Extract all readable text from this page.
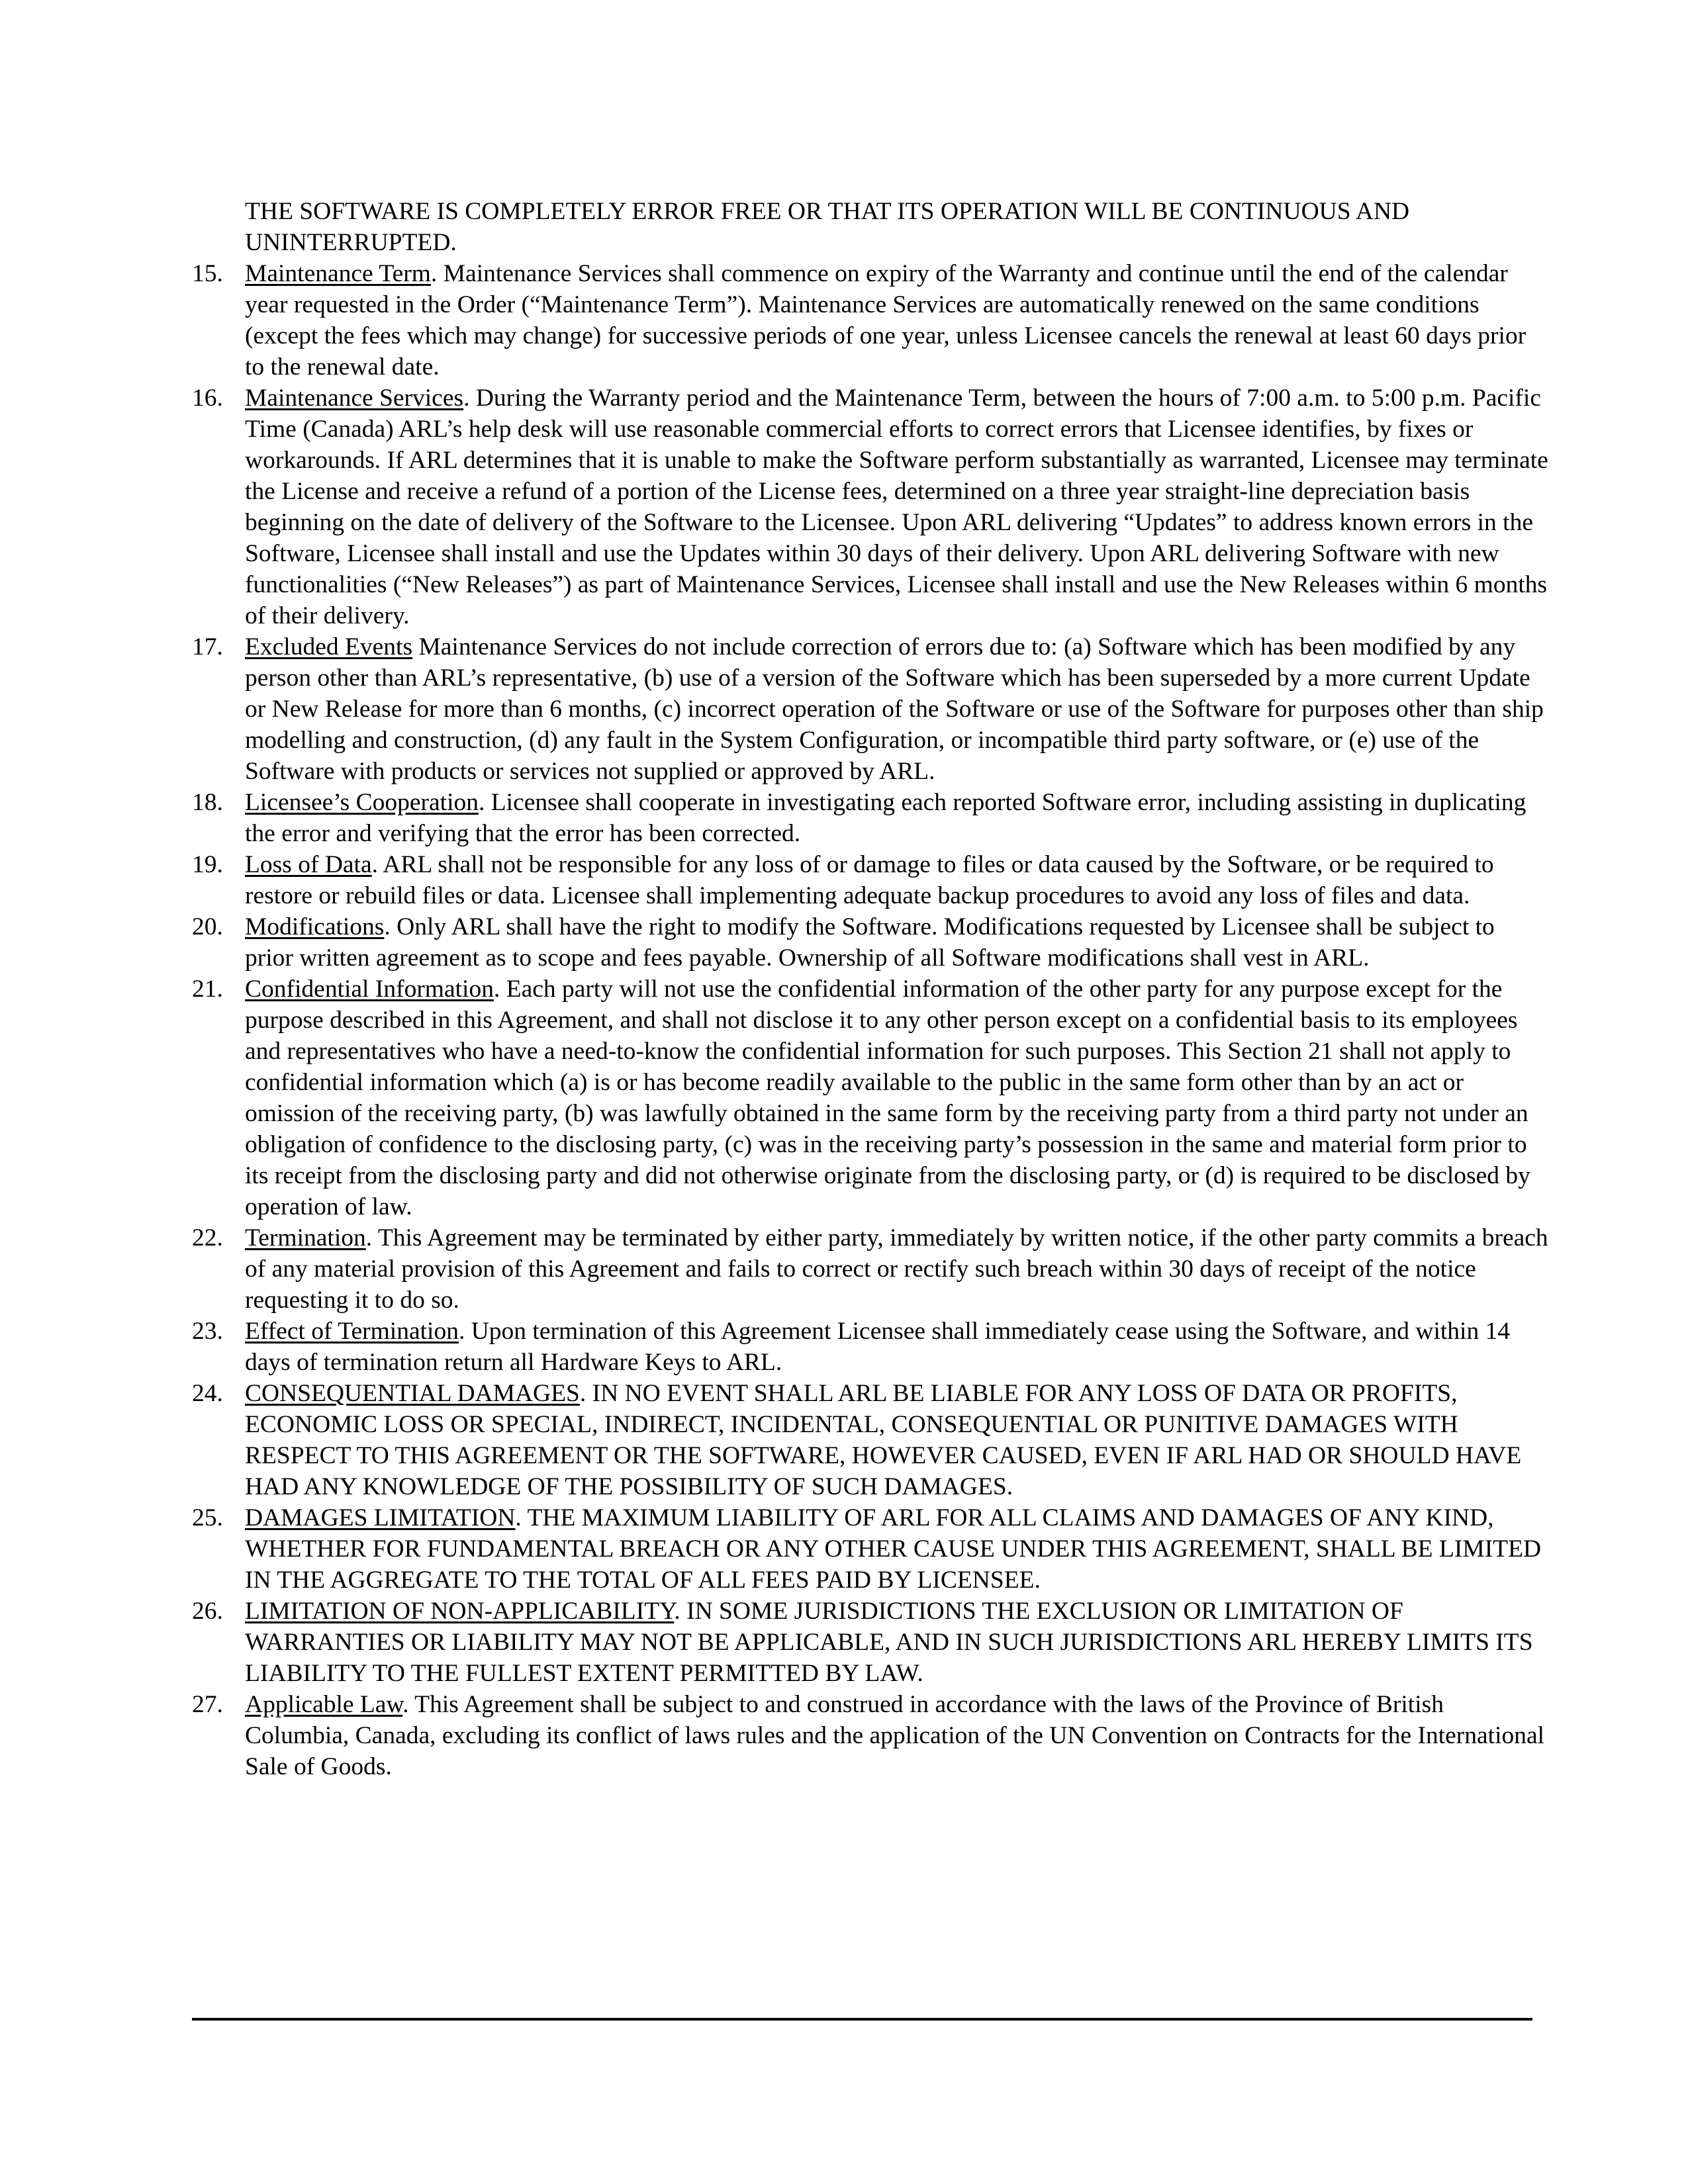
THE SOFTWARE IS COMPLETELY ERROR FREE OR THAT ITS OPERATION WILL BE CONTINUOUS AND UNINTERRUPTED.

15. Maintenance Term. Maintenance Services shall commence on expiry of the Warranty and continue until the end of the calendar year requested in the Order (“Maintenance Term”). Maintenance Services are automatically renewed on the same conditions (except the fees which may change) for successive periods of one year, unless Licensee cancels the renewal at least 60 days prior to the renewal date.
16. Maintenance Services. During the Warranty period and the Maintenance Term, between the hours of 7:00 a.m. to 5:00 p.m. Pacific Time (Canada) ARL’s help desk will use reasonable commercial efforts to correct errors that Licensee identifies, by fixes or workarounds. If ARL determines that it is unable to make the Software perform substantially as warranted, Licensee may terminate the License and receive a refund of a portion of the License fees, determined on a three year straight-line depreciation basis beginning on the date of delivery of the Software to the Licensee. Upon ARL delivering “Updates” to address known errors in the Software, Licensee shall install and use the Updates within 30 days of their delivery. Upon ARL delivering Software with new functionalities (“New Releases”) as part of Maintenance Services, Licensee shall install and use the New Releases within 6 months of their delivery.
17. Excluded Events Maintenance Services do not include correction of errors due to: (a) Software which has been modified by any person other than ARL’s representative, (b) use of a version of the Software which has been superseded by a more current Update or New Release for more than 6 months, (c) incorrect operation of the Software or use of the Software for purposes other than ship modelling and construction, (d) any fault in the System Configuration, or incompatible third party software, or (e) use of the Software with products or services not supplied or approved by ARL.
18. Licensee’s Cooperation. Licensee shall cooperate in investigating each reported Software error, including assisting in duplicating the error and verifying that the error has been corrected.
19. Loss of Data. ARL shall not be responsible for any loss of or damage to files or data caused by the Software, or be required to restore or rebuild files or data. Licensee shall implementing adequate backup procedures to avoid any loss of files and data.
20. Modifications. Only ARL shall have the right to modify the Software. Modifications requested by Licensee shall be subject to prior written agreement as to scope and fees payable. Ownership of all Software modifications shall vest in ARL.
21. Confidential Information. Each party will not use the confidential information of the other party for any purpose except for the purpose described in this Agreement, and shall not disclose it to any other person except on a confidential basis to its employees and representatives who have a need-to-know the confidential information for such purposes. This Section 21 shall not apply to confidential information which (a) is or has become readily available to the public in the same form other than by an act or omission of the receiving party, (b) was lawfully obtained in the same form by the receiving party from a third party not under an obligation of confidence to the disclosing party, (c) was in the receiving party’s possession in the same and material form prior to its receipt from the disclosing party and did not otherwise originate from the disclosing party, or (d) is required to be disclosed by operation of law.
22. Termination. This Agreement may be terminated by either party, immediately by written notice, if the other party commits a breach of any material provision of this Agreement and fails to correct or rectify such breach within 30 days of receipt of the notice requesting it to do so.
23. Effect of Termination. Upon termination of this Agreement Licensee shall immediately cease using the Software, and within 14 days of termination return all Hardware Keys to ARL.
24. CONSEQUENTIAL DAMAGES. IN NO EVENT SHALL ARL BE LIABLE FOR ANY LOSS OF DATA OR PROFITS, ECONOMIC LOSS OR SPECIAL, INDIRECT, INCIDENTAL, CONSEQUENTIAL OR PUNITIVE DAMAGES WITH RESPECT TO THIS AGREEMENT OR THE SOFTWARE, HOWEVER CAUSED, EVEN IF ARL HAD OR SHOULD HAVE HAD ANY KNOWLEDGE OF THE POSSIBILITY OF SUCH DAMAGES.
25. DAMAGES LIMITATION. THE MAXIMUM LIABILITY OF ARL FOR ALL CLAIMS AND DAMAGES OF ANY KIND, WHETHER FOR FUNDAMENTAL BREACH OR ANY OTHER CAUSE UNDER THIS AGREEMENT, SHALL BE LIMITED IN THE AGGREGATE TO THE TOTAL OF ALL FEES PAID BY LICENSEE.
26. LIMITATION OF NON-APPLICABILITY. IN SOME JURISDICTIONS THE EXCLUSION OR LIMITATION OF WARRANTIES OR LIABILITY MAY NOT BE APPLICABLE, AND IN SUCH JURISDICTIONS ARL HEREBY LIMITS ITS LIABILITY TO THE FULLEST EXTENT PERMITTED BY LAW.
27. Applicable Law. This Agreement shall be subject to and construed in accordance with the laws of the Province of British Columbia, Canada, excluding its conflict of laws rules and the application of the UN Convention on Contracts for the International Sale of Goods.
